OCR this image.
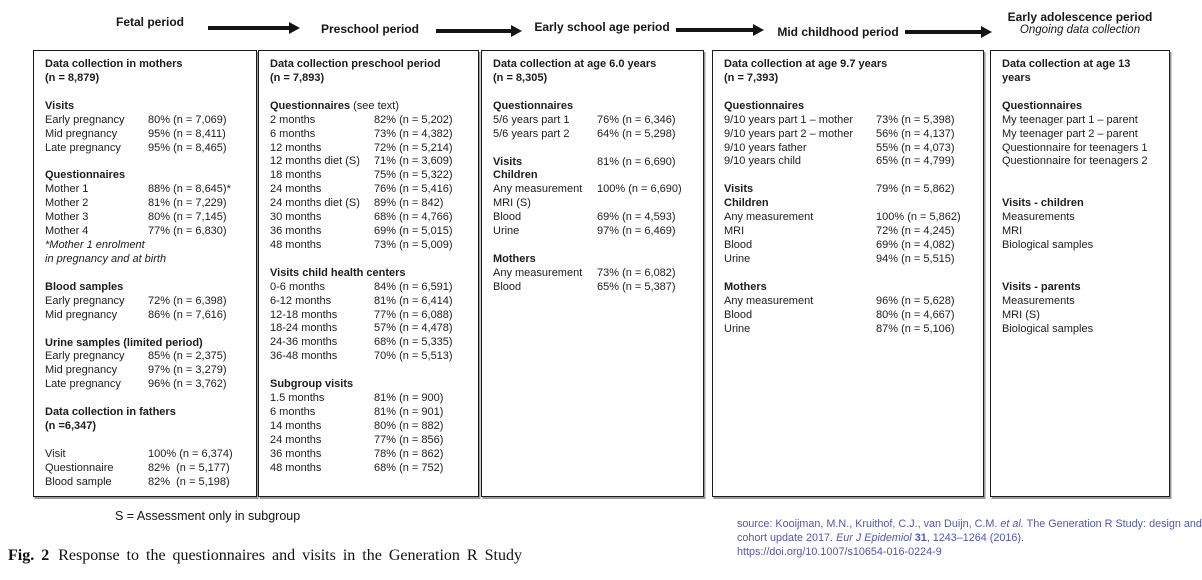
Fetal period	Preschool period	Early school age period	Mid childhood period
Early adolescence period
Ongoing data collection
Data collection in mothers
(n = 8,879)
Visits
Early pregnancy 80% (n = 7,069)
Mid pregnancy	95% (n = 8,411)
Late pregnancy 95% (n = 8,465)
Questionnaires
Mother 1	88% (n = 8,645)*
Mother 2	81% (n = 7,229)
Mother 3	80% (n = 7,145)
Mother 4	77% (n = 6,830)
*Mother 1 enrolment
in pregnancy and at birth
Blood samples
Early pregnancy 72% (n = 6,398)
Mid pregnancy	86% (n = 7,616)
Urine samples (limited period)
Early pregnancy 85% (n = 2,375)
Mid pregnancy	97% (n = 3,279)
Late pregnancy 96% (n = 3,762)
Data collection in fathers
(n =6,347)
Visit	100% (n = 6,374)
Questionnaire	82%  (n = 5,177)
Blood sample	82%  (n = 5,198)
Data collection preschool period
(n = 7,893)
Questionnaires (see text)
2 months	82% (n = 5,202)
6 months	73% (n = 4,382)
12 months	72% (n = 5,214)
12 months diet (S) 71% (n = 3,609)
18 months	75% (n = 5,322)
24 months	76% (n = 5,416)
24 months diet (S) 89% (n = 842)
30 months	68% (n = 4,766)
36 months	69% (n = 5,015)
48 months	73% (n = 5,009)
Visits child health centers
0-6 months	84% (n = 6,591)
6-12 months	81% (n = 6,414)
12-18 months	77% (n = 6,088)
18-24 months	57% (n = 4,478)
24-36 months	68% (n = 5,335)
36-48 months	70% (n = 5,513)
Subgroup visits
1.5 months	81% (n = 900)
6 months	81% (n = 901)
14 months	80% (n = 882)
24 months	77% (n = 856)
36 months	78% (n = 862)
48 months	68% (n = 752)
Data collection at age 6.0 years
(n = 8,305)
Questionnaires
5/6 years part 1	76% (n = 6,346)
5/6 years part 2	64% (n = 5,298)
Visits	81% (n = 6,690)
Children
Any measurement 100% (n = 6,690)
MRI (S)
Blood	69% (n = 4,593)
Urine	97% (n = 6,469)
Mothers
Any measurement 73% (n = 6,082)
Blood	65% (n = 5,387)
Data collection at age 9.7 years
(n = 7,393)
Questionnaires
9/10 years part 1 – mother 73% (n = 5,398)
9/10 years part 2 – mother 56% (n = 4,137)
9/10 years father	55% (n = 4,073)
9/10 years child	65% (n = 4,799)
Visits	79% (n = 5,862)
Children
Any measurement	100% (n = 5,862)
MRI	72% (n = 4,245)
Blood	69% (n = 4,082)
Urine	94% (n = 5,515)
Mothers
Any measurement	96% (n = 5,628)
Blood	80% (n = 4,667)
Urine	87% (n = 5,106)
Data collection at age 13 years
Questionnaires
My teenager part 1 – parent
My teenager part 2 – parent
Questionnaire for teenagers 1
Questionnaire for teenagers 2
Visits - children
Measurements
MRI
Biological samples
Visits - parents
Measurements
MRI (S)
Biological samples
S = Assessment only in subgroup
Fig. 2 Response to the questionnaires and visits in the Generation R Study
source: Kooijman, M.N., Kruithof, C.J., van Duijn, C.M. et al. The Generation R Study: design and
cohort update 2017. Eur J Epidemiol 31, 1243–1264 (2016).
https://doi.org/10.1007/s10654-016-0224-9
